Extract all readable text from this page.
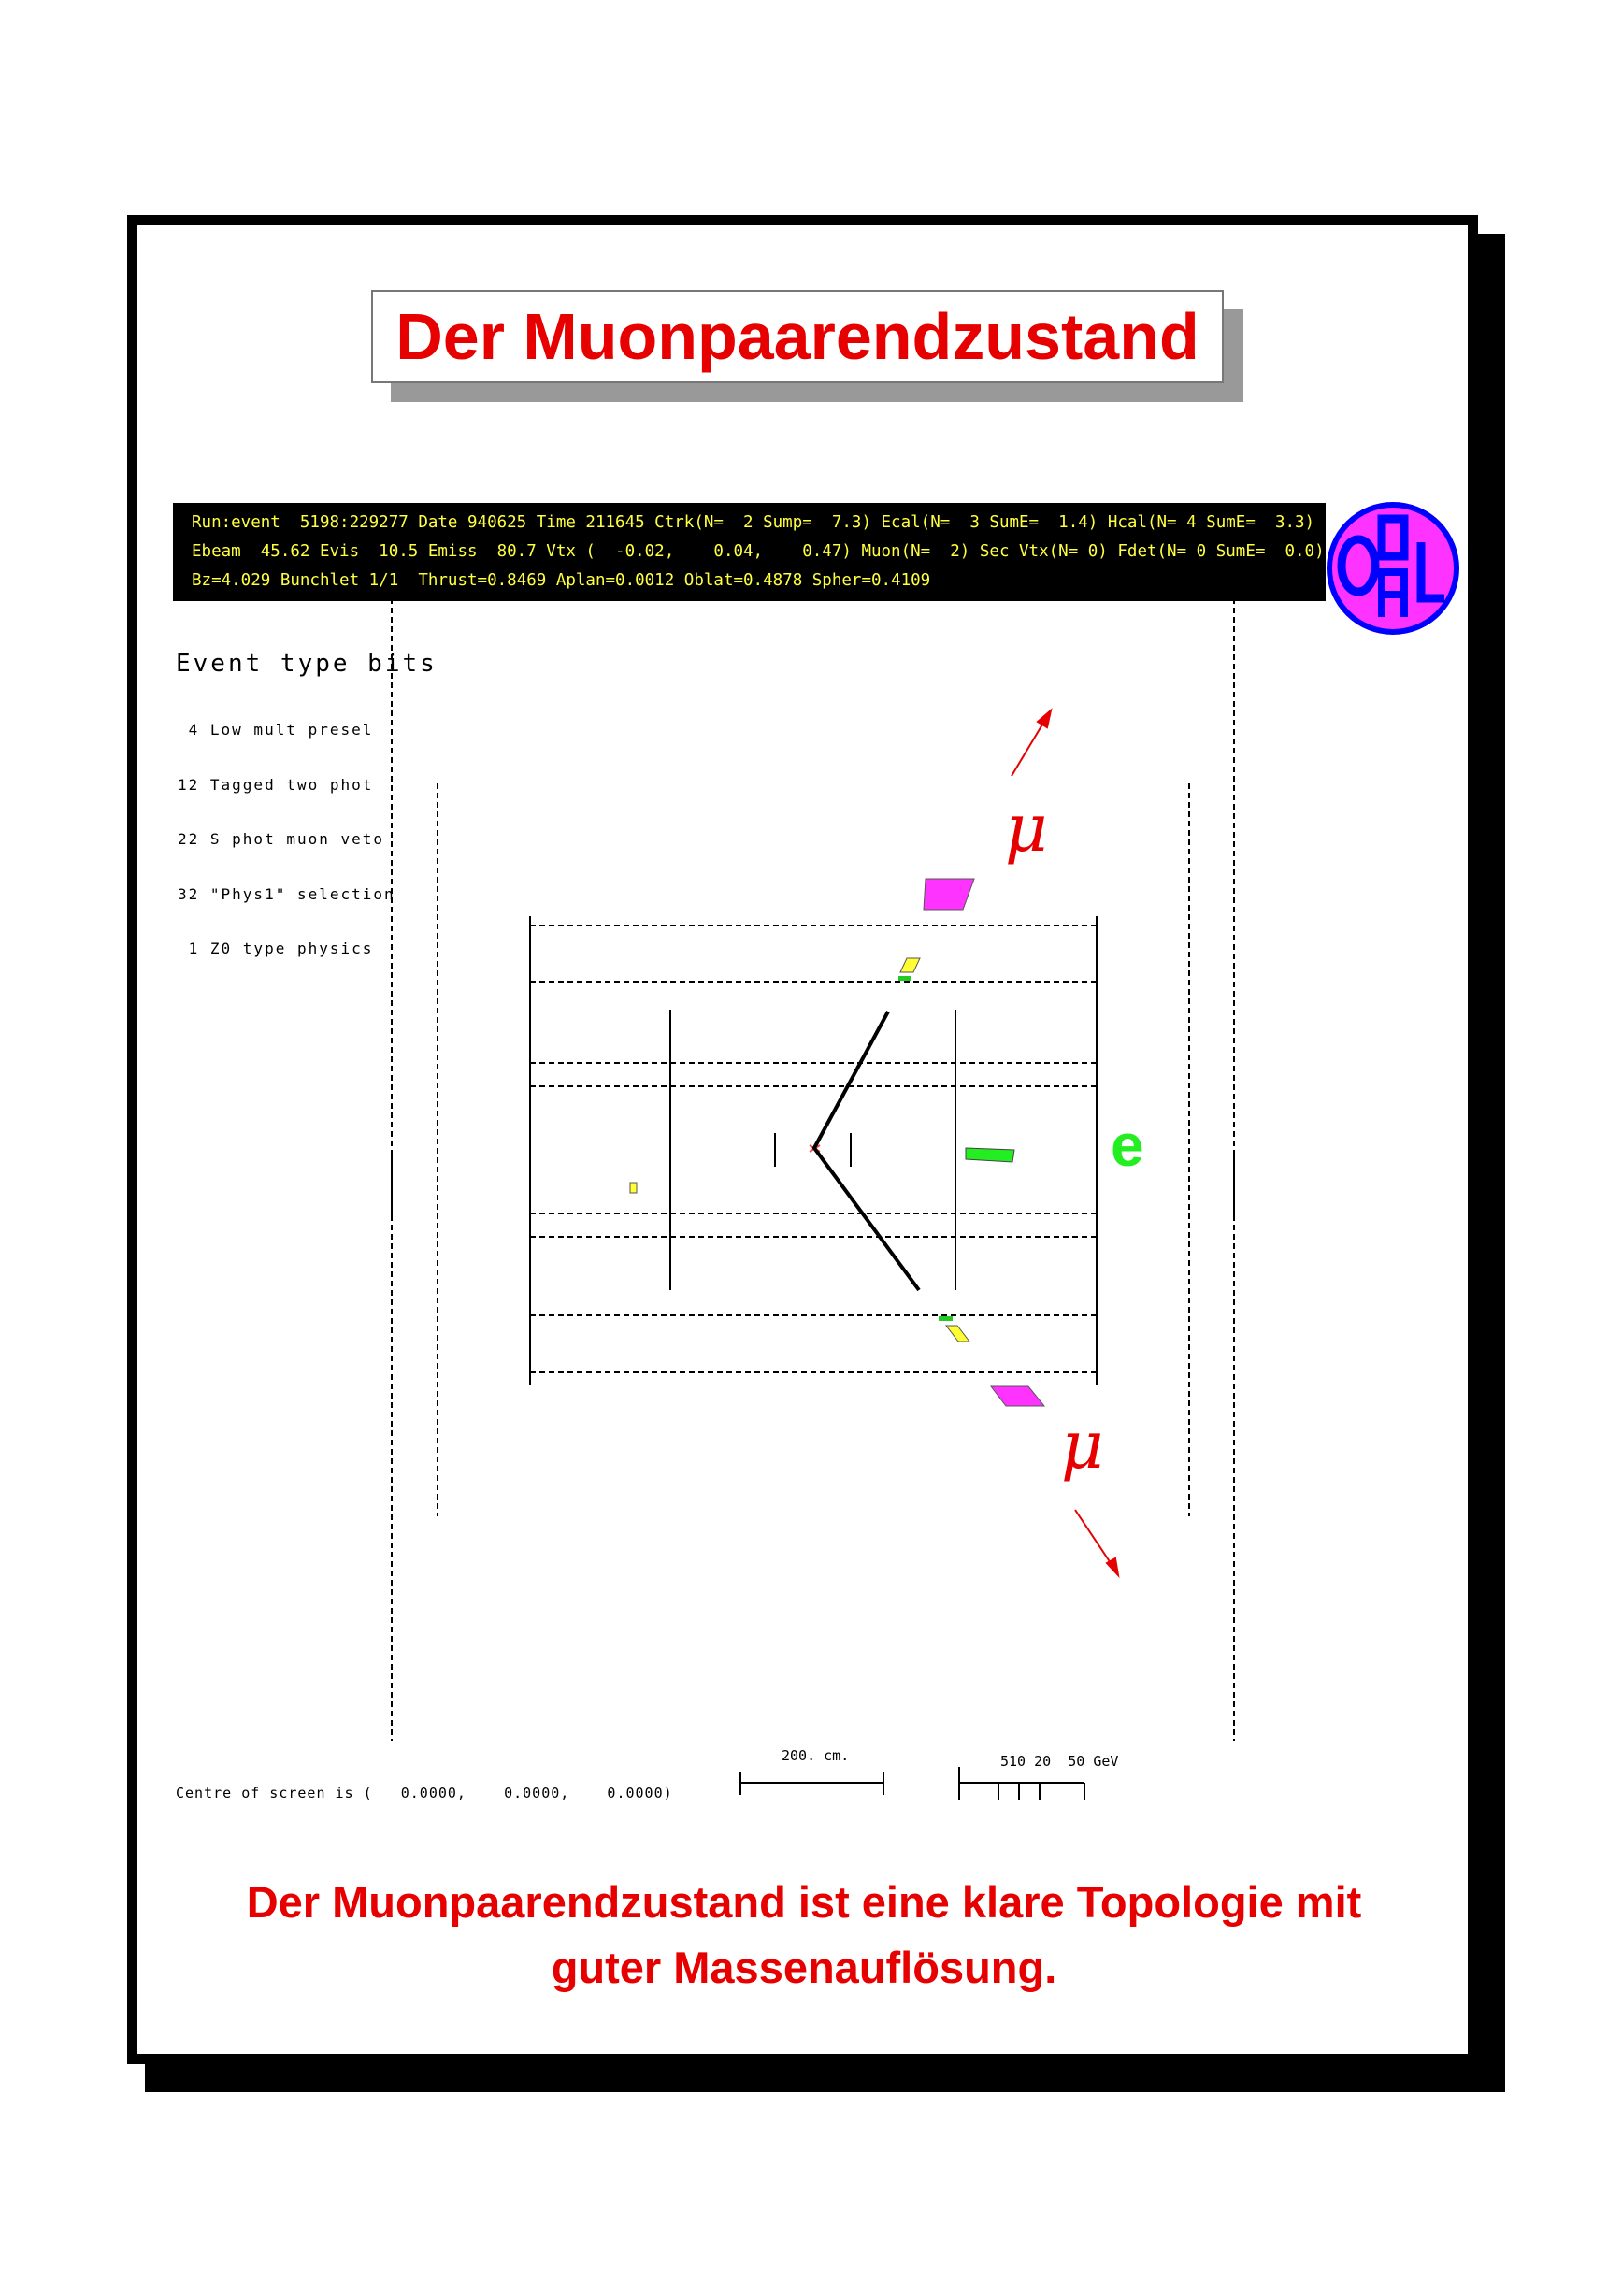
Der Muonpaarendzustand
Run:event  5198:229277 Date 940625 Time 211645 Ctrk(N=  2 Sump=  7.3) Ecal(N=  3 SumE=  1.4) Hcal(N= 4 SumE=  3.3)
Ebeam  45.62 Evis  10.5 Emiss  80.7 Vtx (  -0.02,    0.04,    0.47) Muon(N=  2) Sec Vtx(N= 0) Fdet(N= 0 SumE=  0.0)
Bz=4.029 Bunchlet 1/1  Thrust=0.8469 Aplan=0.0012 Oblat=0.4878 Spher=0.4109
Event type bits

4 Low mult presel

12 Tagged two phot

22 S phot muon veto

32 "Phys1" selection

1 Z0 type physics

μ
μ
e
Centre of screen is (   0.0000,    0.0000,    0.0000)
200. cm.	510 20  50 GeV
Der Muonpaarendzustand ist eine klare Topologie mit
guter Massenauflösung.
